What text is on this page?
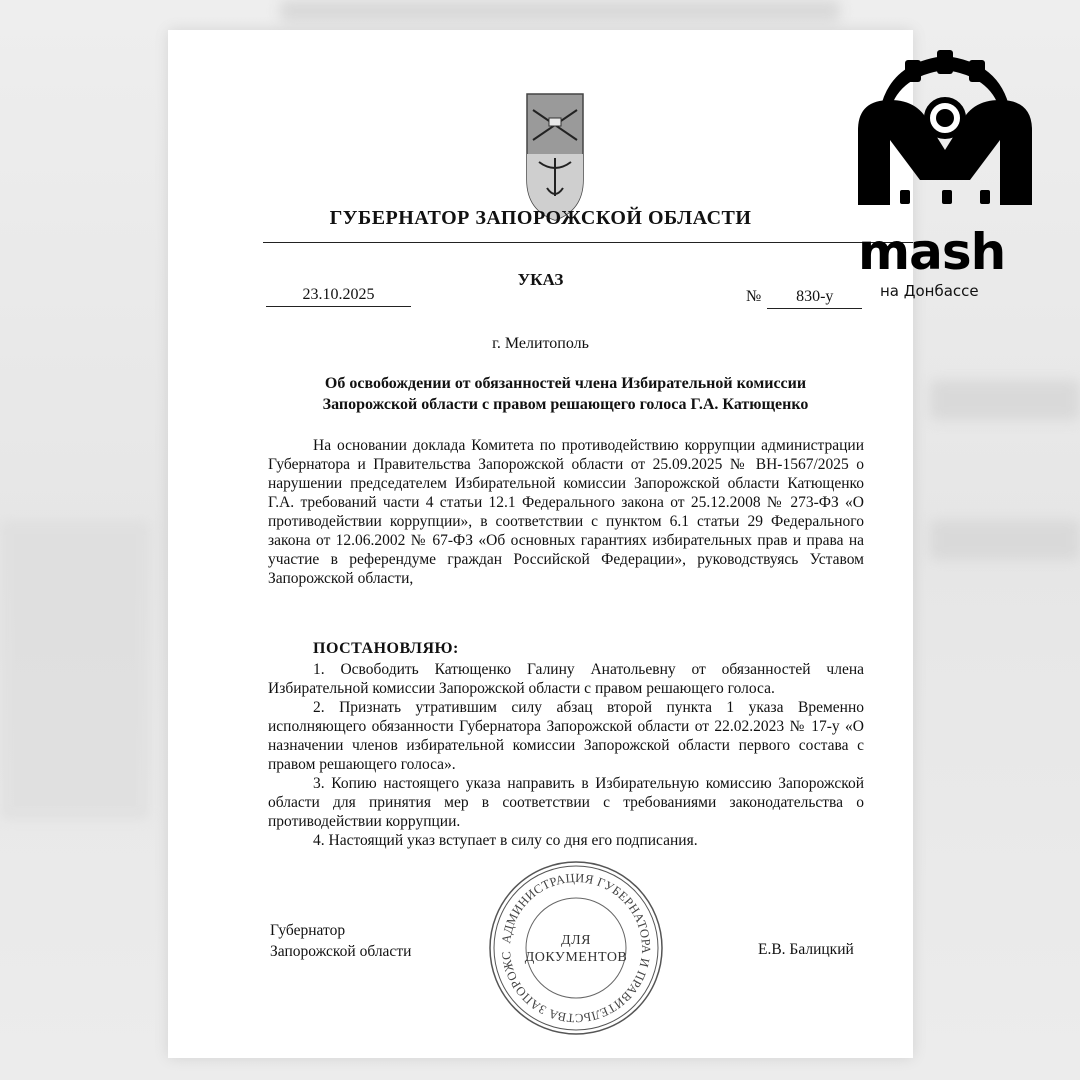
ГУБЕРНАТОР ЗАПОРОЖСКОЙ ОБЛАСТИ
УКАЗ
23.10.2025	№ 830-у
г. Мелитополь
Об освобождении от обязанностей члена Избирательной комиссии
Запорожской области с правом решающего голоса Г.А. Катющенко

На основании доклада Комитета по противодействию коррупции администрации Губернатора и Правительства Запорожской области от 25.09.2025 № ВН-1567/2025 о нарушении председателем Избирательной комиссии Запорожской области Катющенко Г.А. требований части 4 статьи 12.1 Федерального закона от 25.12.2008 № 273-ФЗ «О противодействии коррупции», в соответствии с пунктом 6.1 статьи 29 Федерального закона от 12.06.2002 № 67-ФЗ «Об основных гарантиях избирательных прав и права на участие в референдуме граждан Российской Федерации», руководствуясь Уставом Запорожской области,

ПОСТАНОВЛЯЮ:

1. Освободить Катющенко Галину Анатольевну от обязанностей члена Избирательной комиссии Запорожской области с правом решающего голоса.

2. Признать утратившим силу абзац второй пункта 1 указа Временно исполняющего обязанности Губернатора Запорожской области от 22.02.2023 № 17-у «О назначении членов избирательной комиссии Запорожской области первого состава с правом решающего голоса».

3. Копию настоящего указа направить в Избирательную комиссию Запорожской области для принятия мер в соответствии с требованиями законодательства о противодействии коррупции.

4. Настоящий указ вступает в силу со дня его подписания.

Губернатор
Запорожской области	Е.В. Балицкий
АДМИНИСТРАЦИЯ ГУБЕРНАТОРА И ПРАВИТЕЛЬСТВА ЗАПОРОЖС
ДЛЯ
ДОКУМЕНТОВ
mash
на Донбассе
